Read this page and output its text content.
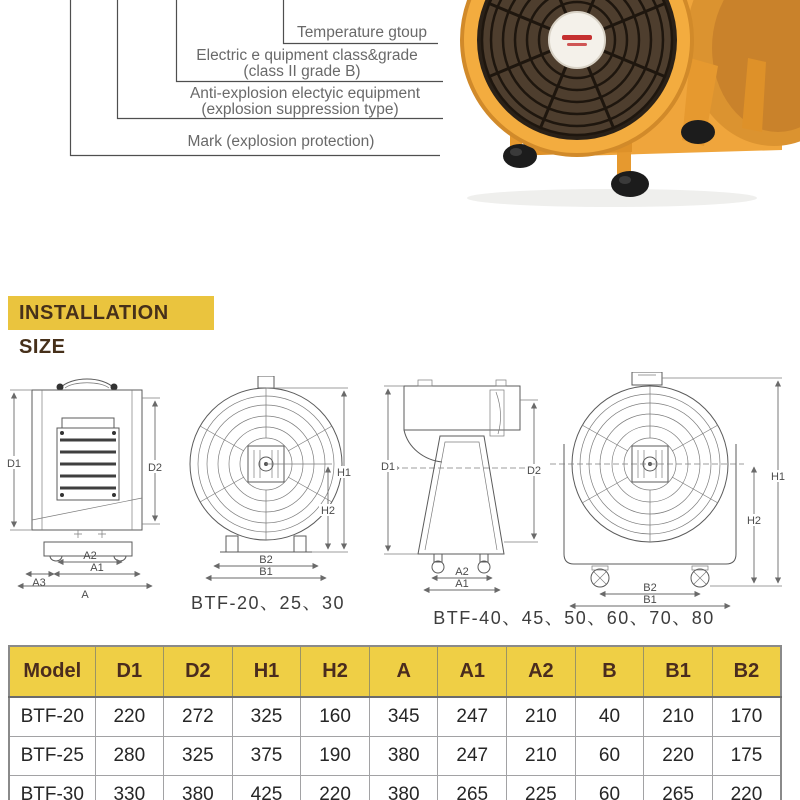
Temperature gtoup
Electric e quipment class&grade
(class II grade B)
Anti-explosion electyic equipment
(explosion suppression type)
Mark (explosion protection)
INSTALLATION SIZE
D1	D2
A2
A3
A1
A
H1
H2
B2
B1
BTF-20、25、30
D1	D2
A2
A1
H1
H2
B2
B1
BTF-40、45、50、60、70、80
Model	D1	D2	H1	H2	A	A1	A2	B	B1	B2
BTF-20	220	272	325	160	345	247	210	40	210	170
BTF-25	280	325	375	190	380	247	210	60	220	175
BTF-30	330	380	425	220	380	265	225	60	265	220
